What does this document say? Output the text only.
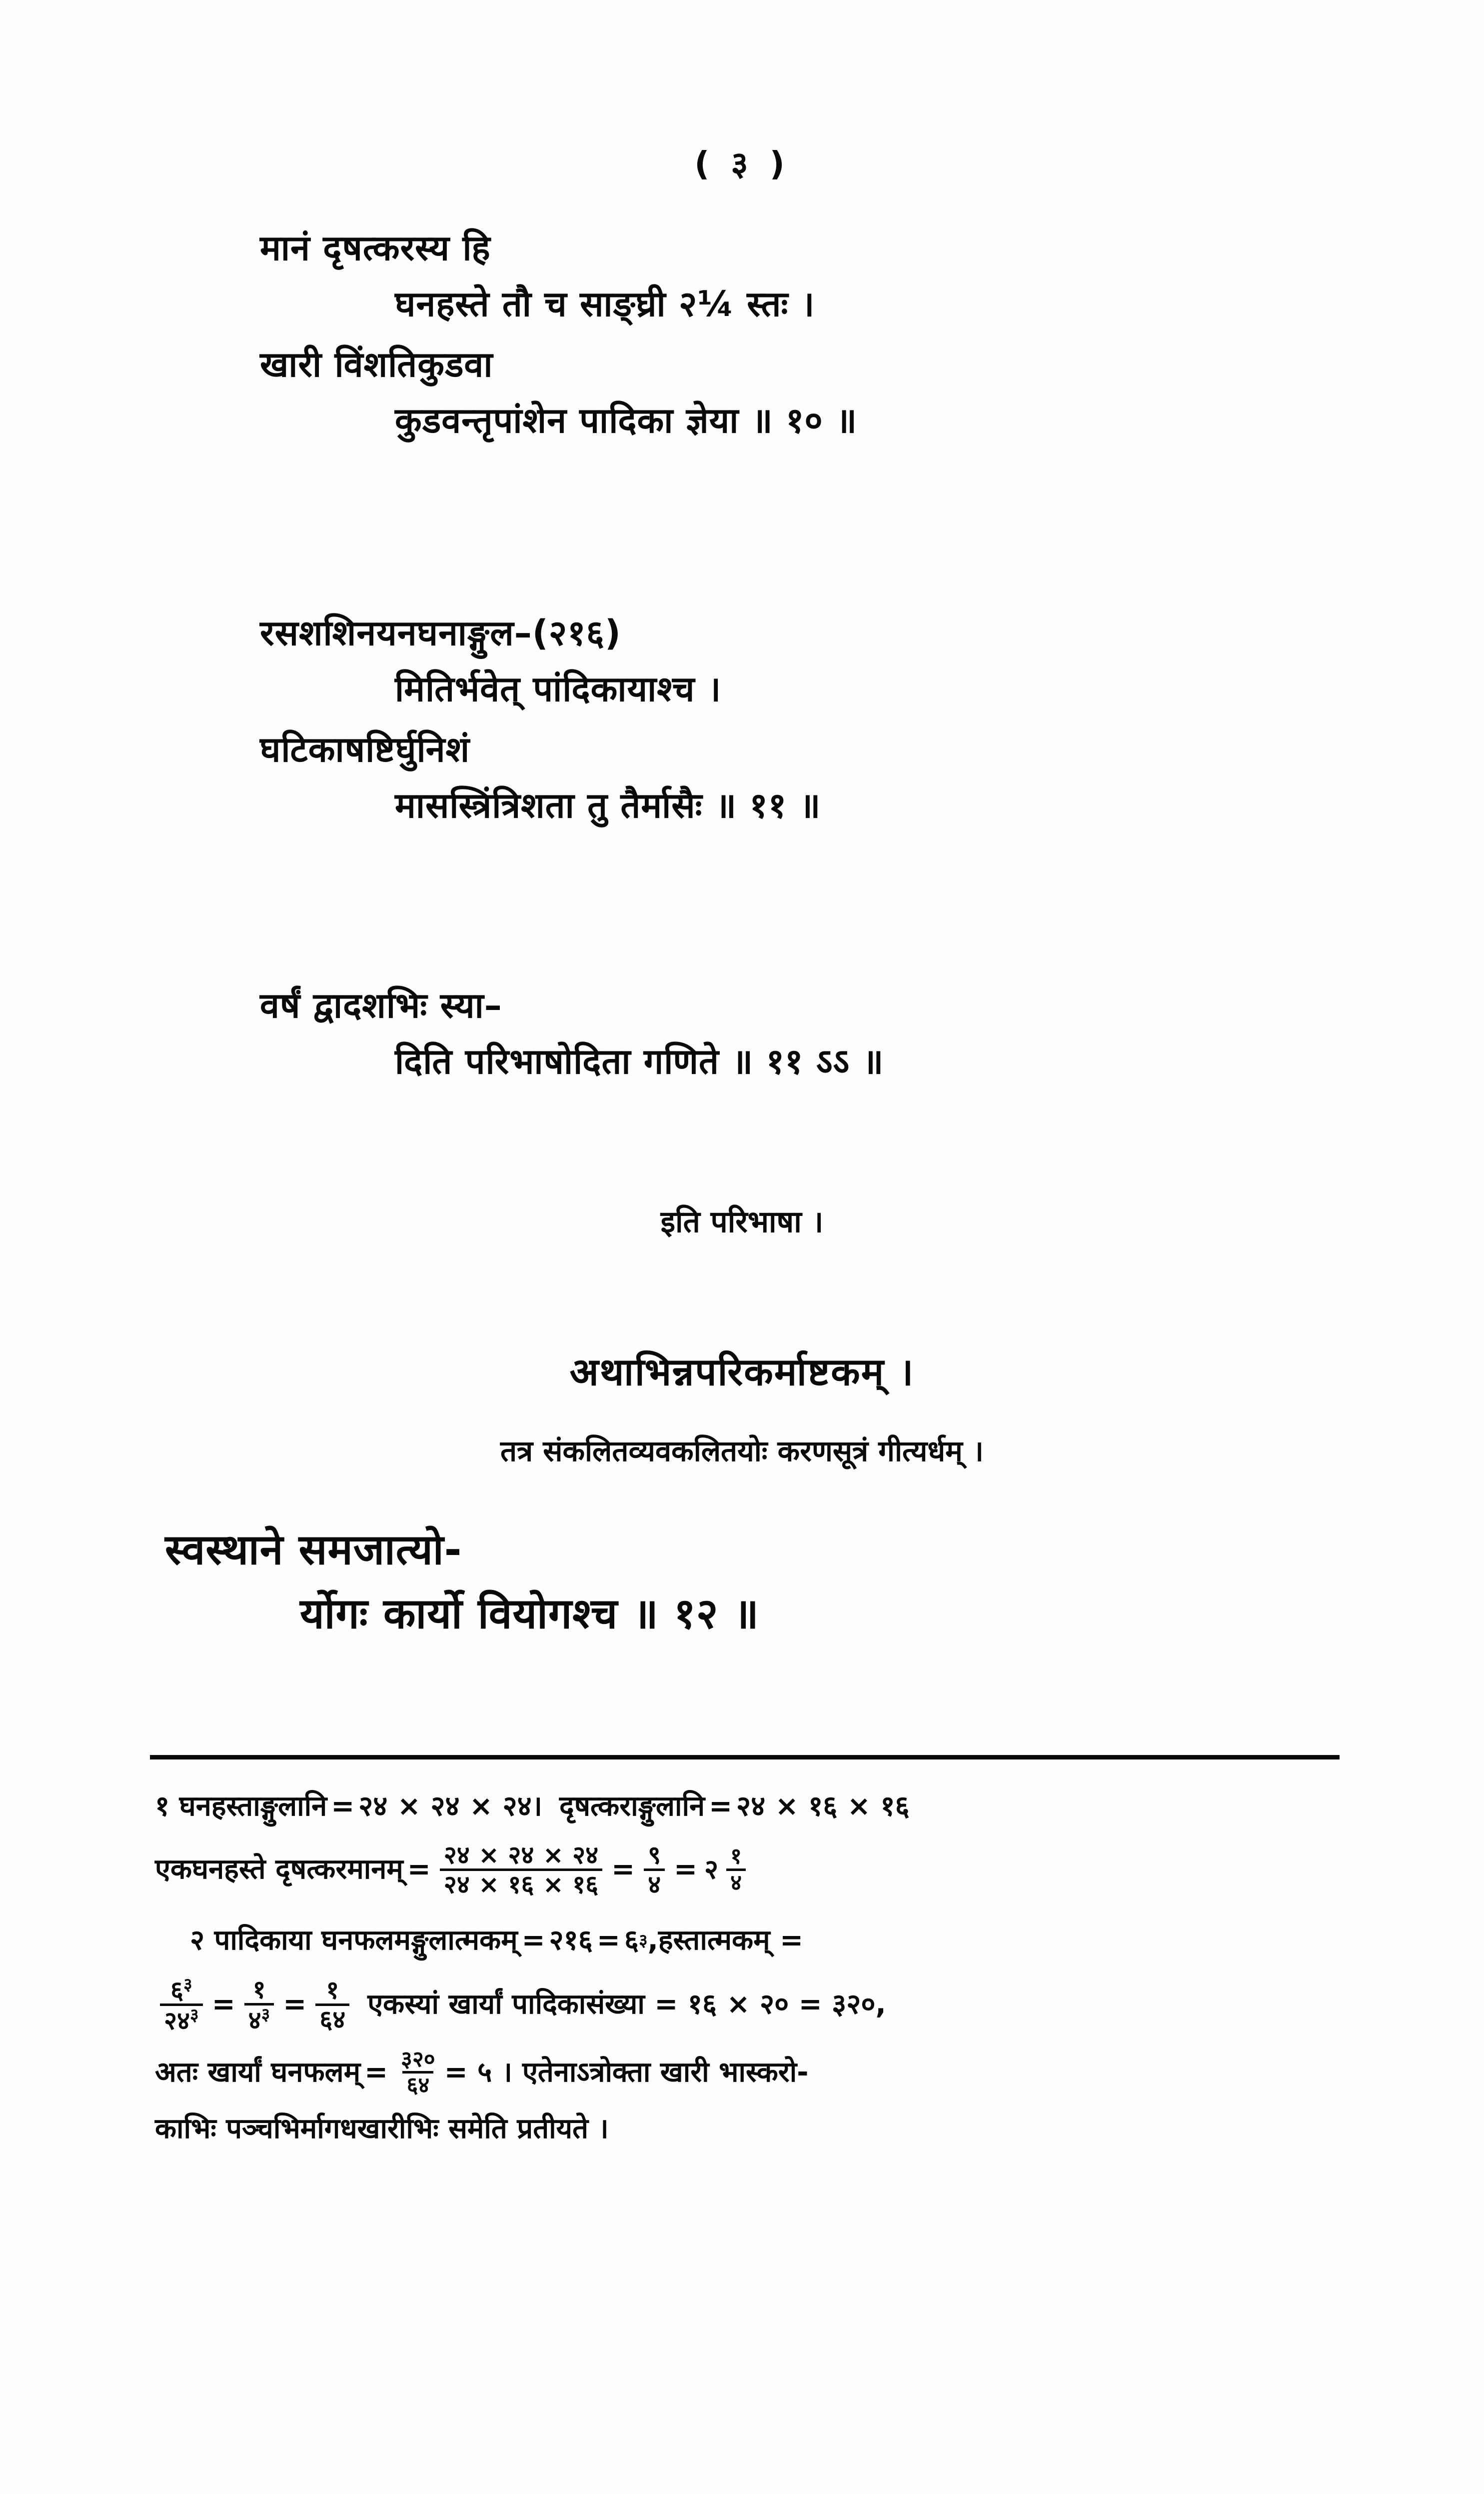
( ३ )
मानं दृषत्करस्य हि
घनहस्ते तौ च साङ्घ्री २¼ स्तः ।
खारी विंशतिकुडवा
कुडवन्तृपांशेन पादिका ज्ञेया ॥ १० ॥
रसशशिनयनघनाङ्गुल–(२१६)
मितिर्भवेत् पांदिकायाश्च ।
घटिकाषष्टिर्घुनिशं
मासस्त्रिंत्रिशता तु तैर्मासैः ॥ ११ ॥
वर्षं द्वादशभिः स्या–
दिति परिभाषोदिता गणिते ॥ ११ ऽऽ ॥
इति परिभाषा ।
अथाभिन्नपरिकर्माष्टकम् ।
तत्र संकलितव्यवकलितयोः करणसूत्रं गीत्यर्धम् ।
स्वस्थाने समजात्यो-
र्योगः कार्यो वियोगश्च ॥ १२ ॥
१ घनहस्ताङ्गुलानि = २४ × २४ × २४। दृषत्कराङ्गुलानि = २४ × १६ × १६
एकघनहस्ते दृषत्करमानम् = $\frac{२४ \times २४ \times २४}{२४ \times १६ \times १६} = \frac{९}{४}$ = २ $\frac{१}{४}$
२ पादिकाया घनफलमङ्गुलात्मकम् = २१६ = ६ ३ ,हस्तात्मकम् =
$\frac{६^३}{२४^३} = \frac{१}{४^३} = \frac{१}{६४}$ एकस्यां खार्यां पादिकासंख्या = १६ × २० = ३२०,
अतः खार्यां घनफलम् = $\frac{३२०}{६४}$ = ५ । एतेनाऽत्रोक्ता खारी भास्करो-
काभिः पञ्चभिर्मागधखारीभिः समेति प्रतीयते ।
